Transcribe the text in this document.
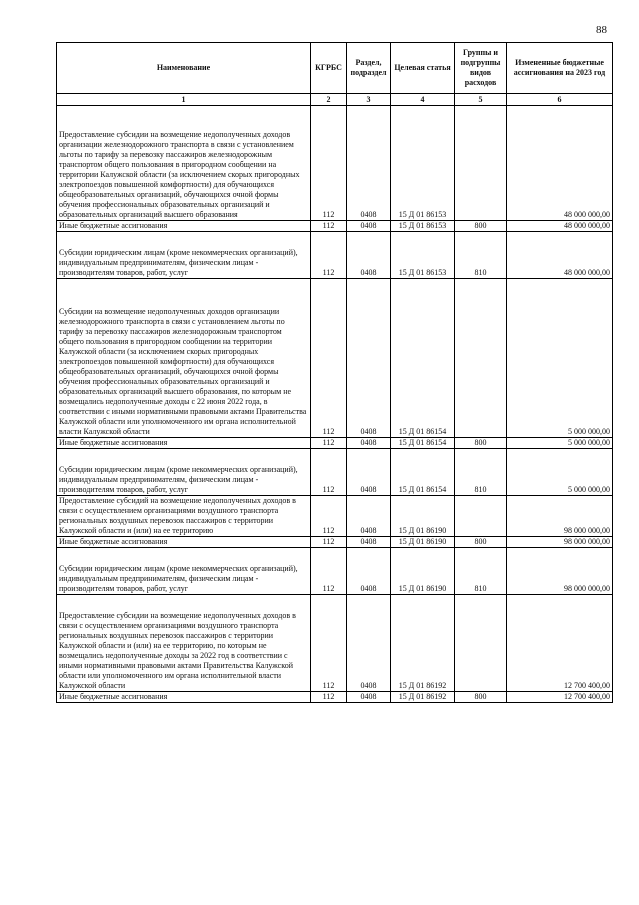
88
Наименование	КГРБС	Раздел, подраздел	Целевая статья	Группы и подгруппы видов расходов	Измененные бюджетные ассигнования на 2023 год
1	2	3	4	5	6
Предоставление субсидии на возмещение недополученных доходов организации железнодорожного транспорта в связи с установлением льготы по тарифу за перевозку пассажиров железнодорожным транспортом общего пользования в пригородном сообщении на территории Калужской области (за исключением скорых пригородных электропоездов повышенной комфортности) для обучающихся общеобразовательных организаций, обучающихся очной формы обучения профессиональных образовательных организаций и образовательных организаций высшего образования	112	0408	15 Д 01 86153		48 000 000,00
Иные бюджетные ассигнования	112	0408	15 Д 01 86153	800	48 000 000,00
Субсидии юридическим лицам (кроме некоммерческих организаций), индивидуальным предпринимателям, физическим лицам - производителям товаров, работ, услуг	112	0408	15 Д 01 86153	810	48 000 000,00
Субсидии на возмещение недополученных доходов организации железнодорожного транспорта в связи с установлением льготы по тарифу за перевозку пассажиров железнодорожным транспортом общего пользования в пригородном сообщении на территории Калужской области (за исключением скорых пригородных электропоездов повышенной комфортности) для обучающихся общеобразовательных организаций, обучающихся очной формы обучения профессиональных образовательных организаций и образовательных организаций высшего образования, по которым не возмещались недополученные доходы с 22 июня 2022 года, в соответствии с иными нормативными правовыми актами Правительства Калужской области или уполномоченного им органа исполнительной власти Калужской области	112	0408	15 Д 01 86154		5 000 000,00
Иные бюджетные ассигнования	112	0408	15 Д 01 86154	800	5 000 000,00
Субсидии юридическим лицам (кроме некоммерческих организаций), индивидуальным предпринимателям, физическим лицам - производителям товаров, работ, услуг	112	0408	15 Д 01 86154	810	5 000 000,00
Предоставление субсидий на возмещение недополученных доходов в связи с осуществлением организациями воздушного транспорта региональных воздушных перевозок пассажиров с территории Калужской области и (или) на ее территорию	112	0408	15 Д 01 86190		98 000 000,00
Иные бюджетные ассигнования	112	0408	15 Д 01 86190	800	98 000 000,00
Субсидии юридическим лицам (кроме некоммерческих организаций), индивидуальным предпринимателям, физическим лицам - производителям товаров, работ, услуг	112	0408	15 Д 01 86190	810	98 000 000,00
Предоставление субсидии на возмещение недополученных доходов в связи с осуществлением организациями воздушного транспорта региональных воздушных перевозок пассажиров с территории Калужской области и (или) на ее территорию, по которым не возмещались недополученные доходы за 2022 год в соответствии с иными нормативными правовыми актами Правительства Калужской области или уполномоченного им органа исполнительной власти Калужской области	112	0408	15 Д 01 86192		12 700 400,00
Иные бюджетные ассигнования	112	0408	15 Д 01 86192	800	12 700 400,00
